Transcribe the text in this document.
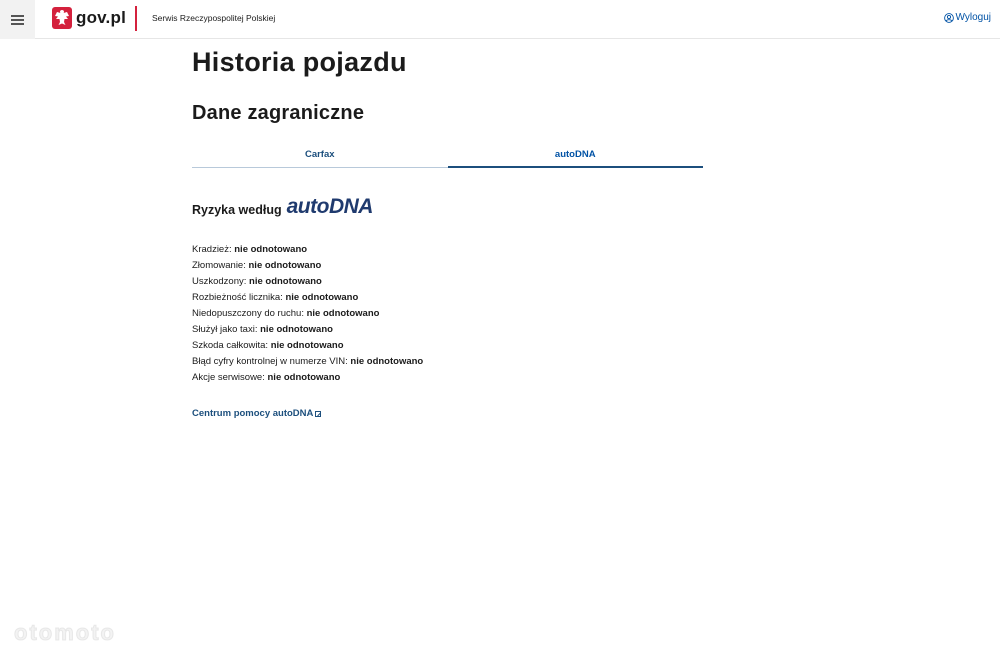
gov.pl	Serwis Rzeczypospolitej Polskiej	Wyloguj
Historia pojazdu
Dane zagraniczne
Carfax	autoDNA
Ryzyka według autoDNA
Kradzież: nie odnotowano
Złomowanie: nie odnotowano
Uszkodzony: nie odnotowano
Rozbieżność licznika: nie odnotowano
Niedopuszczony do ruchu: nie odnotowano
Służył jako taxi: nie odnotowano
Szkoda całkowita: nie odnotowano
Błąd cyfry kontrolnej w numerze VIN: nie odnotowano
Akcje serwisowe: nie odnotowano
Centrum pomocy autoDNA
otomoto
